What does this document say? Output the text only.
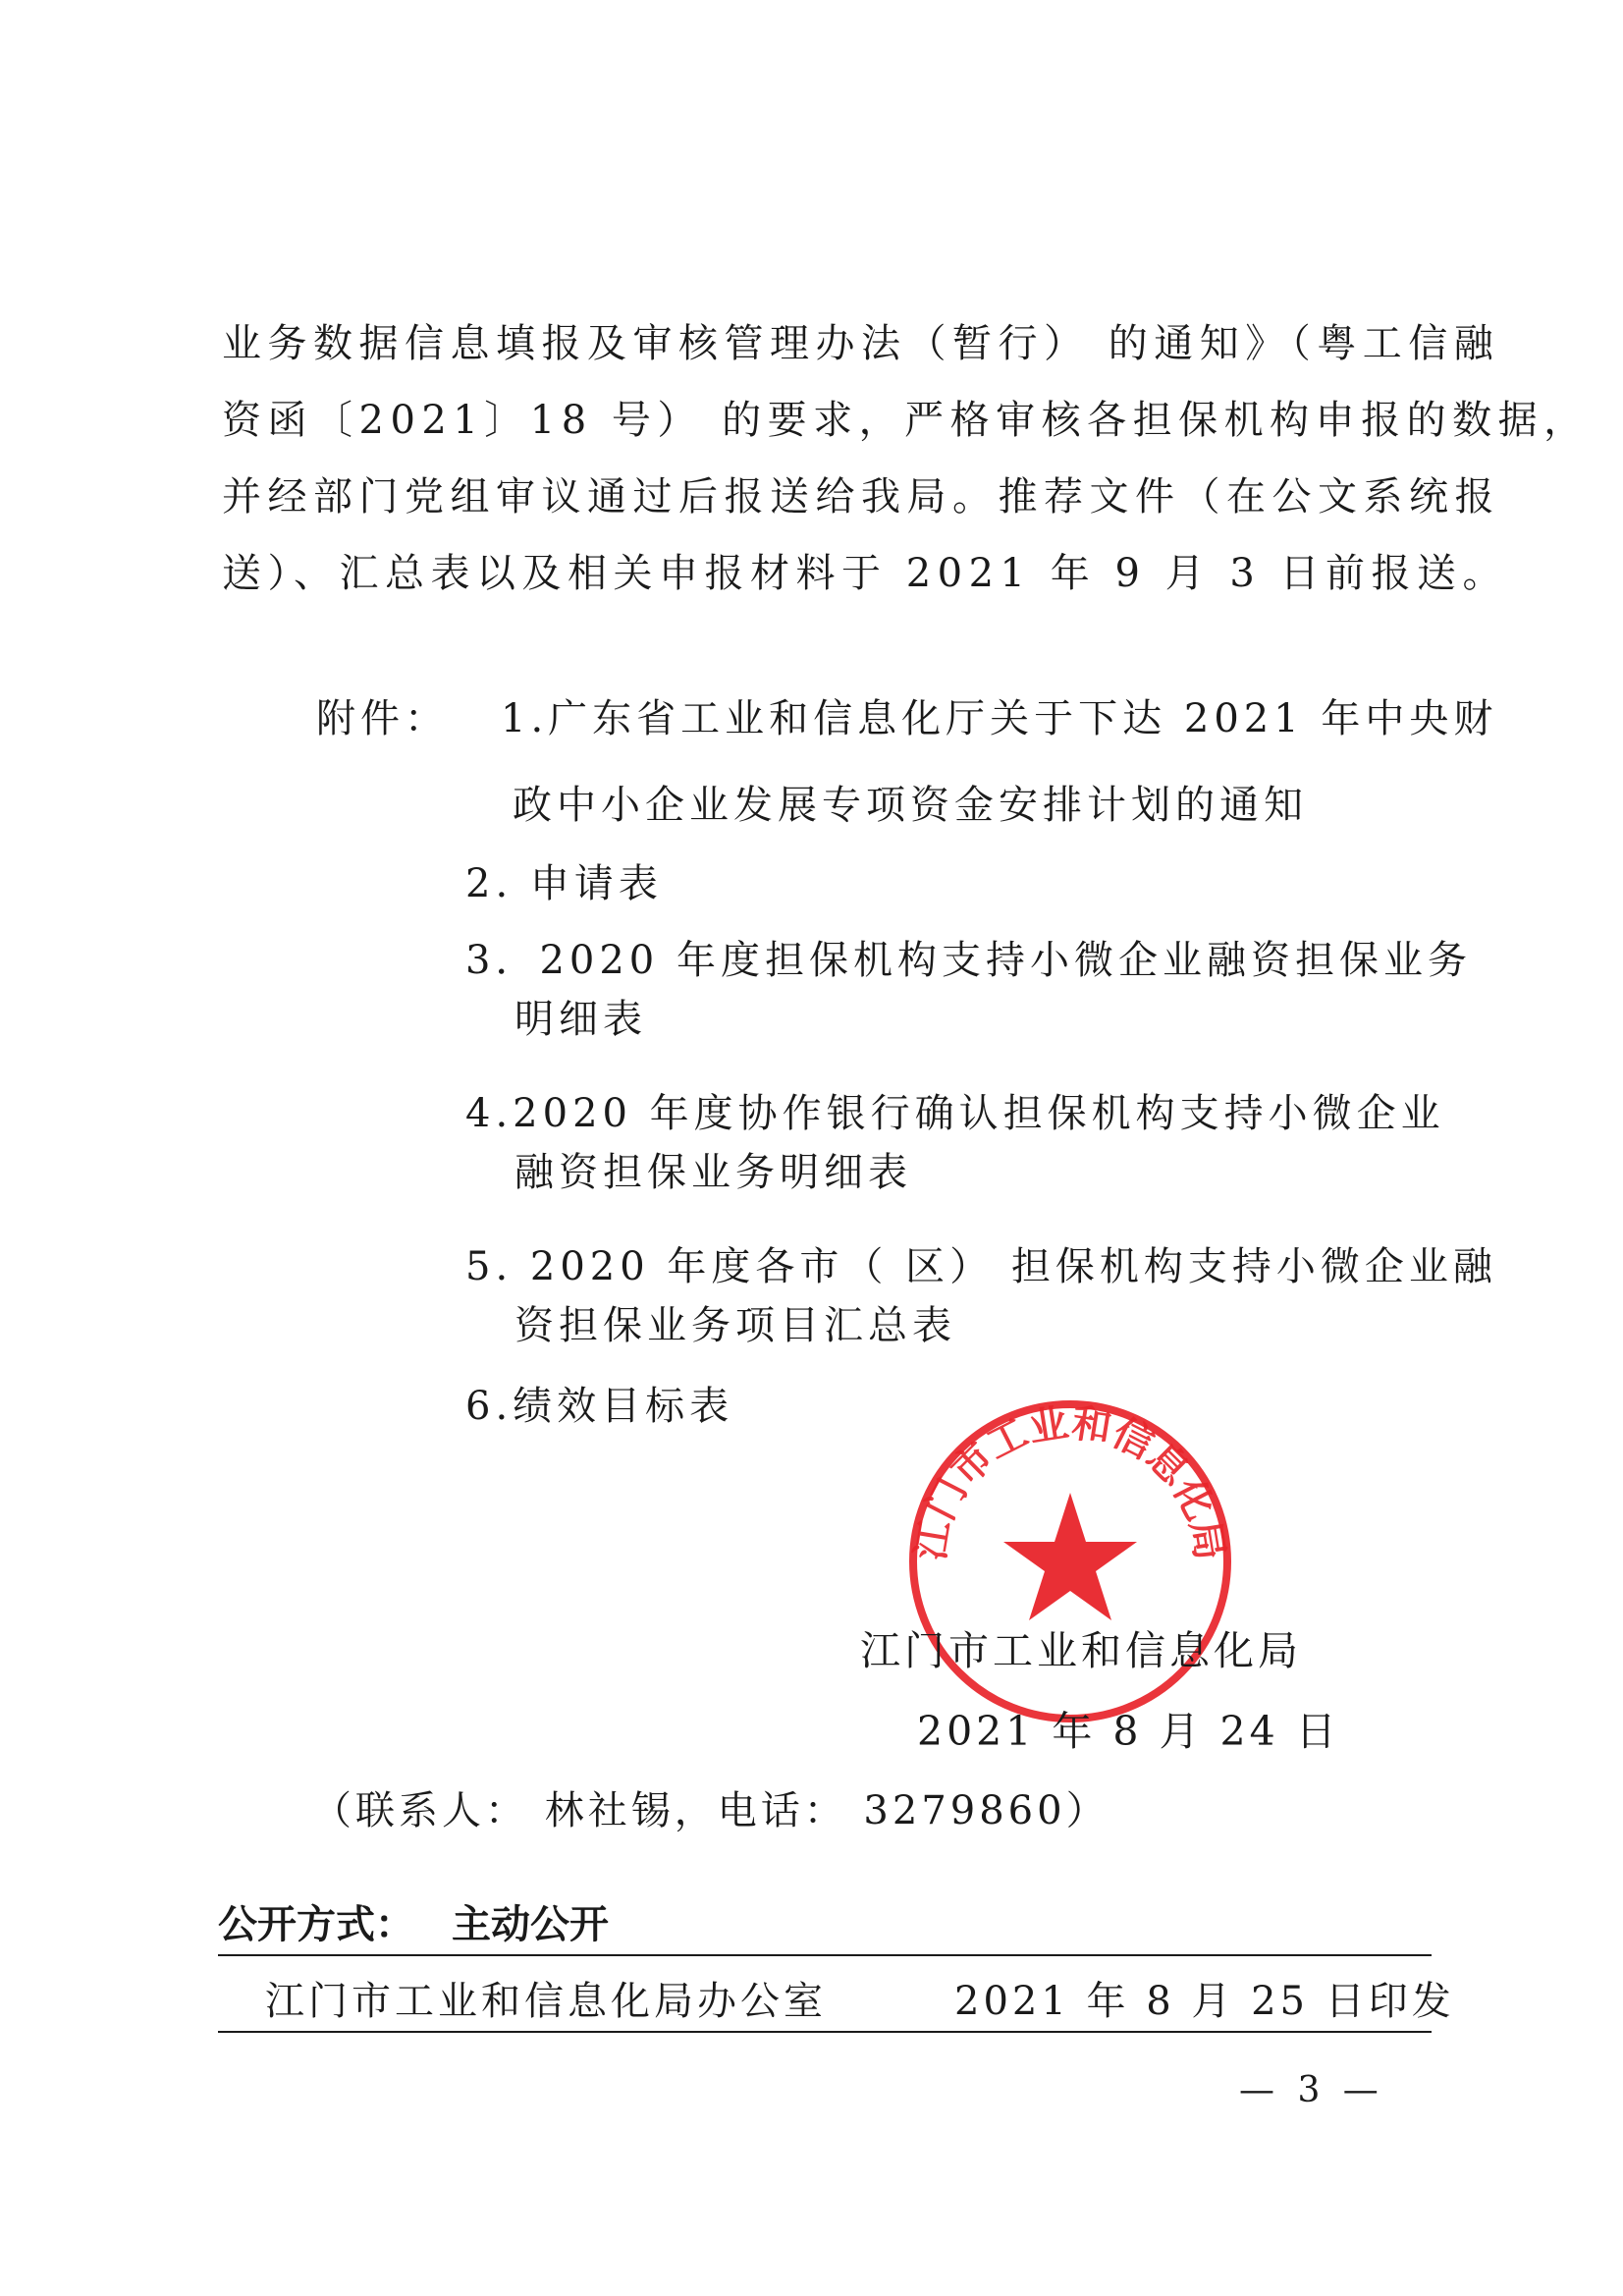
业务数据信息填报及审核管理办法（暂行） 的通知》（粤工信融
资函〔2021〕18 号） 的要求，严格审核各担保机构申报的数据，
并经部门党组审议通过后报送给我局。推荐文件（在公文系统报
送）、汇总表以及相关申报材料于 2021 年 9 月 3 日前报送。
附件： 1.广东省工业和信息化厅关于下达 2021 年中央财
政中小企业发展专项资金安排计划的通知
2. 申请表
3．2020 年度担保机构支持小微企业融资担保业务
明细表
4.2020 年度协作银行确认担保机构支持小微企业
融资担保业务明细表
5. 2020 年度各市（ 区） 担保机构支持小微企业融
资担保业务项目汇总表
6.绩效目标表
江门市工业和信息化局
江门市工业和信息化局
2021 年 8 月 24 日
（联系人： 林社锡，电话： 3279860）
公开方式： 主动公开
江门市工业和信息化局办公室	2021 年 8 月 25 日印发
— 3 —
